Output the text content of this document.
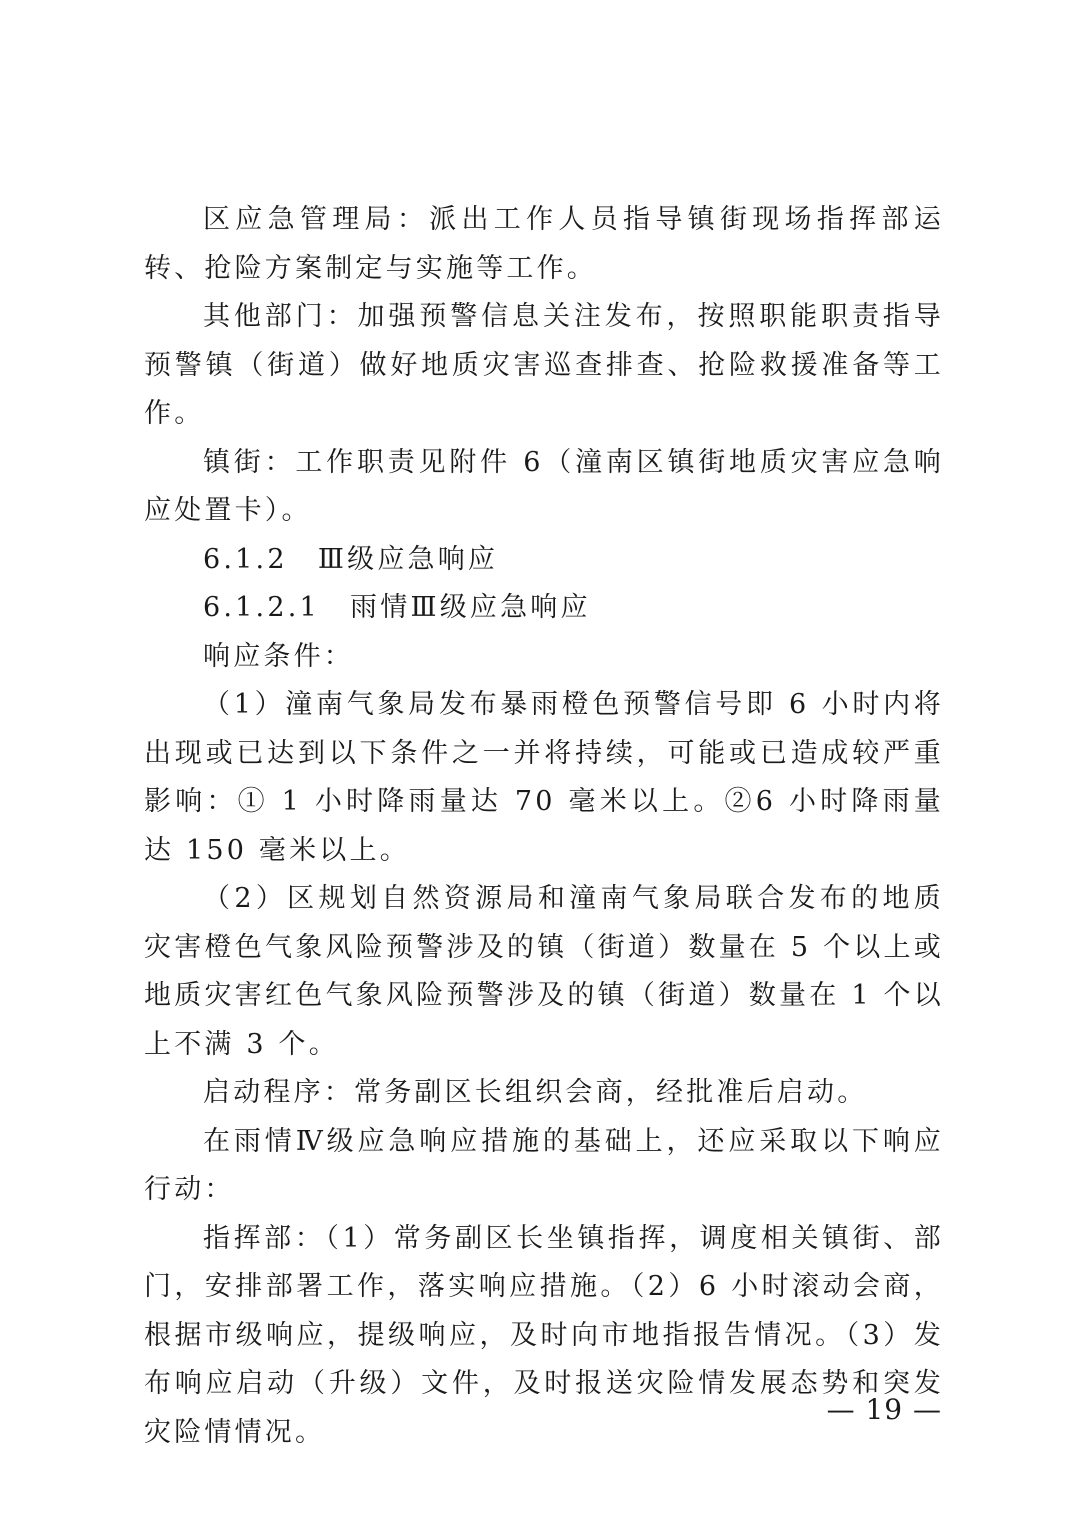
区应急管理局：派出工作人员指导镇街现场指挥部运转、抢险方案制定与实施等工作。

其他部门：加强预警信息关注发布，按照职能职责指导预警镇（街道）做好地质灾害巡查排查、抢险救援准备等工作。

镇街：工作职责见附件 6（潼南区镇街地质灾害应急响应处置卡）。

6.1.2　Ⅲ级应急响应

6.1.2.1　雨情Ⅲ级应急响应

响应条件：

（1）潼南气象局发布暴雨橙色预警信号即 6 小时内将出现或已达到以下条件之一并将持续，可能或已造成较严重影响：① 1 小时降雨量达 70 毫米以上。②6 小时降雨量达 150 毫米以上。

（2）区规划自然资源局和潼南气象局联合发布的地质灾害橙色气象风险预警涉及的镇（街道）数量在 5 个以上或地质灾害红色气象风险预警涉及的镇（街道）数量在 1 个以上不满 3 个。

启动程序：常务副区长组织会商，经批准后启动。

在雨情Ⅳ级应急响应措施的基础上，还应采取以下响应行动：

指挥部：（1）常务副区长坐镇指挥，调度相关镇街、部门，安排部署工作，落实响应措施。（2）6 小时滚动会商，根据市级响应，提级响应，及时向市地指报告情况。（3）发布响应启动（升级）文件，及时报送灾险情发展态势和突发灾险情情况。

— 19 —
